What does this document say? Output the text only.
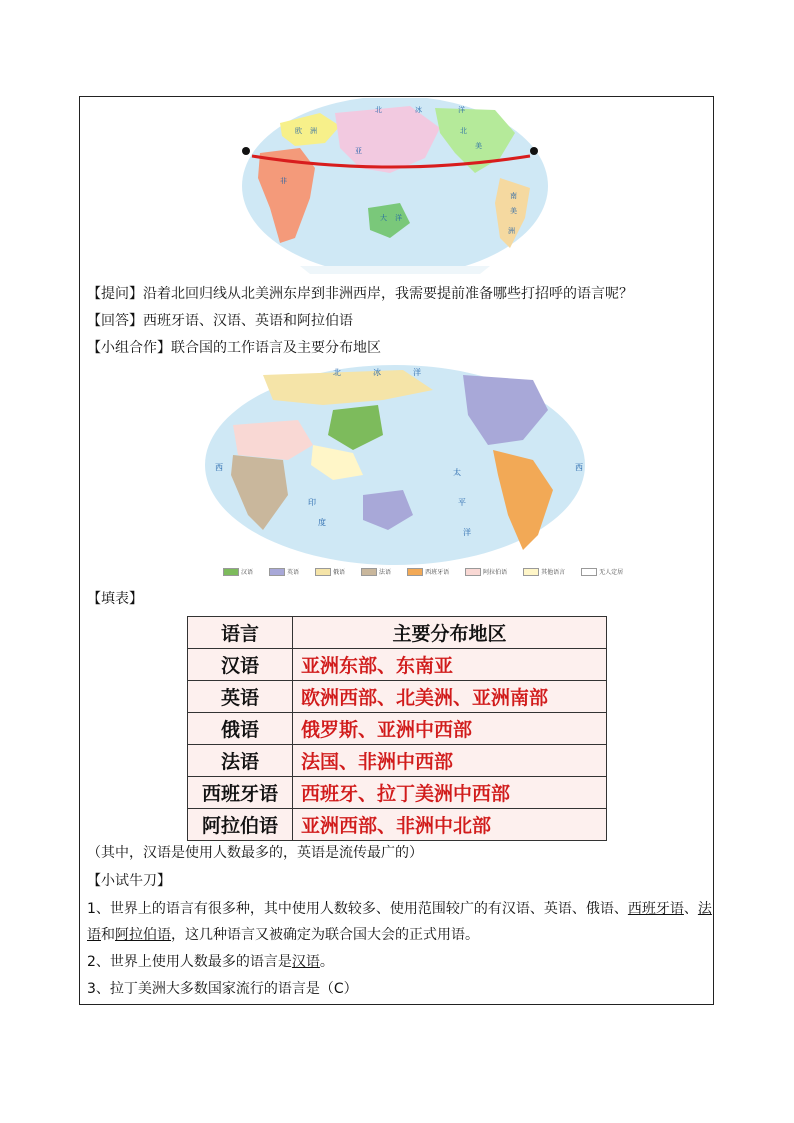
北	冰	洋
欧 洲
亚
非
大 洋
北
美
南
美
洲
【提问】沿着北回归线从北美洲东岸到非洲西岸，我需要提前准备哪些打招呼的语言呢？
【回答】西班牙语、汉语、英语和阿拉伯语
【小组合作】联合国的工作语言及主要分布地区
北	冰	洋
西	西
太
平
洋
印
度
汉语	英语	俄语	法语	西班牙语	阿拉伯语	其他语言	无人定居
【填表】
语言	主要分布地区
汉语	亚洲东部、东南亚
英语	欧洲西部、北美洲、亚洲南部
俄语	俄罗斯、亚洲中西部
法语	法国、非洲中西部
西班牙语	西班牙、拉丁美洲中西部
阿拉伯语	亚洲西部、非洲中北部
（其中，汉语是使用人数最多的，英语是流传最广的）
【小试牛刀】
1、世界上的语言有很多种，其中使用人数较多、使用范围较广的有汉语、英语、俄语、西班牙语、法
语和阿拉伯语，这几种语言又被确定为联合国大会的正式用语。
2、世界上使用人数最多的语言是汉语。
3、拉丁美洲大多数国家流行的语言是（C）
